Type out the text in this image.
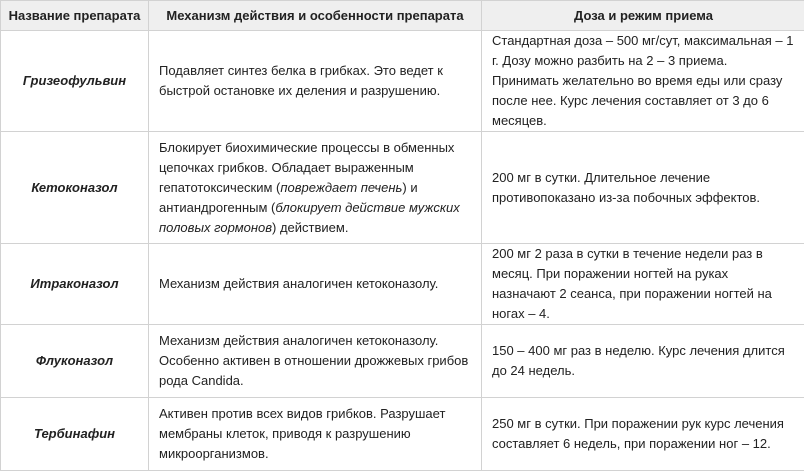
Название препарата	Механизм действия и особенности препарата	Доза и режим приема
Гризеофульвин	Подавляет синтез белка в грибках. Это ведет к быстрой остановке их деления и разрушению.	Стандартная доза – 500 мг/сут, максимальная – 1 г. Дозу можно разбить на 2 – 3 приема. Принимать желательно во время еды или сразу после нее. Курс лечения составляет от 3 до 6 месяцев.
Кетоконазол	Блокирует биохимические процессы в обменных цепочках грибков. Обладает выраженным гепатотоксическим (повреждает печень) и антиандрогенным (блокирует действие мужских половых гормонов) действием.	200 мг в сутки. Длительное лечение противопоказано из-за побочных эффектов.
Итраконазол	Механизм действия аналогичен кетоконазолу.	200 мг 2 раза в сутки в течение недели раз в месяц. При поражении ногтей на руках назначают 2 сеанса, при поражении ногтей на ногах – 4.
Флуконазол	Механизм действия аналогичен кетоконазолу. Особенно активен в отношении дрожжевых грибов рода Candida.	150 – 400 мг раз в неделю. Курс лечения длится до 24 недель.
Тербинафин	Активен против всех видов грибков. Разрушает мембраны клеток, приводя к разрушению микроорганизмов.	250 мг в сутки. При поражении рук курс лечения составляет 6 недель, при поражении ног – 12.
